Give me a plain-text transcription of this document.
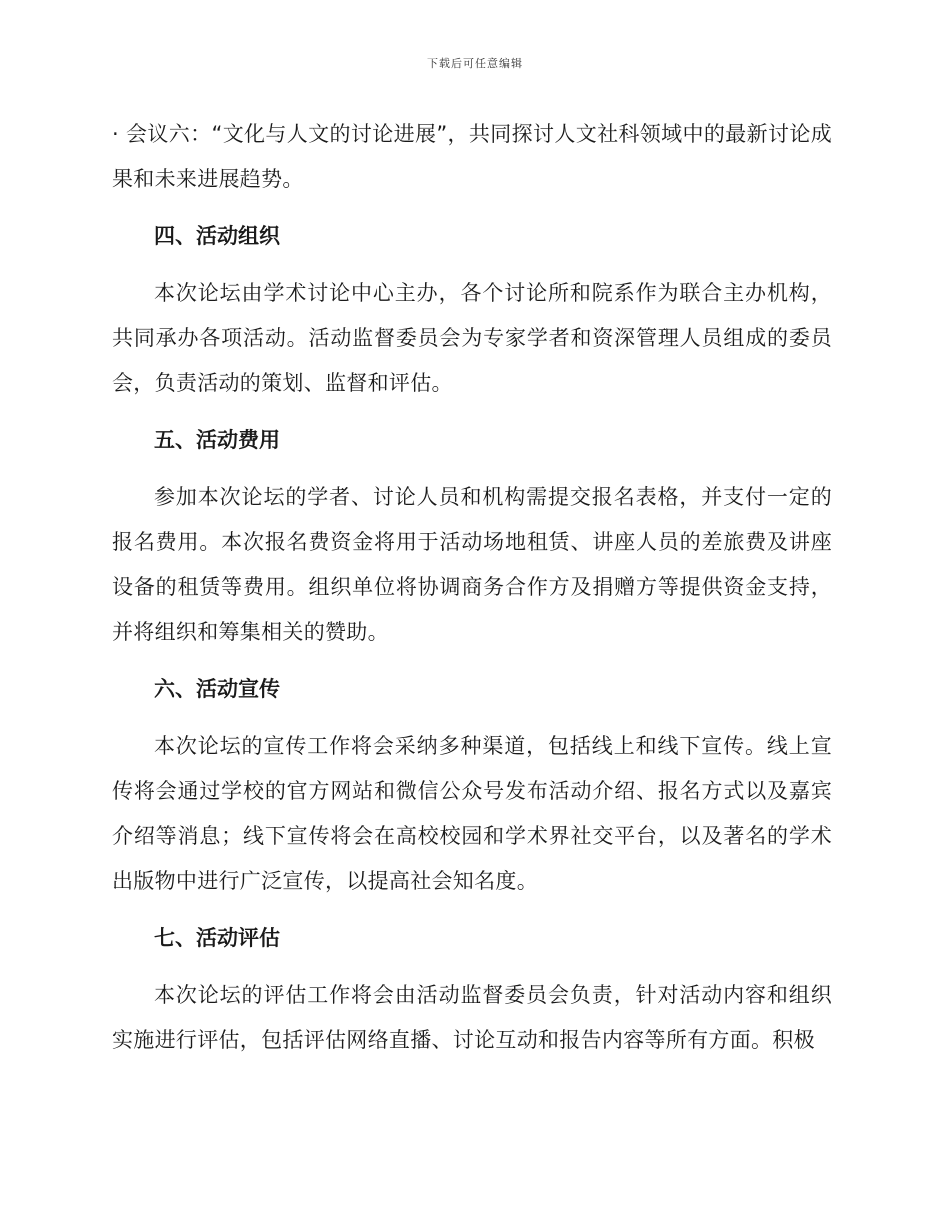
下载后可任意编辑

· 会议六：“文化与人文的讨论进展”，共同探讨人文社科领域中的最新讨论成果和未来进展趋势。

四、活动组织

本次论坛由学术讨论中心主办，各个讨论所和院系作为联合主办机构，共同承办各项活动。活动监督委员会为专家学者和资深管理人员组成的委员会，负责活动的策划、监督和评估。

五、活动费用

参加本次论坛的学者、讨论人员和机构需提交报名表格，并支付一定的报名费用。本次报名费资金将用于活动场地租赁、讲座人员的差旅费及讲座设备的租赁等费用。组织单位将协调商务合作方及捐赠方等提供资金支持，并将组织和筹集相关的赞助。

六、活动宣传

本次论坛的宣传工作将会采纳多种渠道，包括线上和线下宣传。线上宣传将会通过学校的官方网站和微信公众号发布活动介绍、报名方式以及嘉宾介绍等消息；线下宣传将会在高校校园和学术界社交平台，以及著名的学术出版物中进行广泛宣传，以提高社会知名度。

七、活动评估

本次论坛的评估工作将会由活动监督委员会负责，针对活动内容和组织实施进行评估，包括评估网络直播、讨论互动和报告内容等所有方面。积极
